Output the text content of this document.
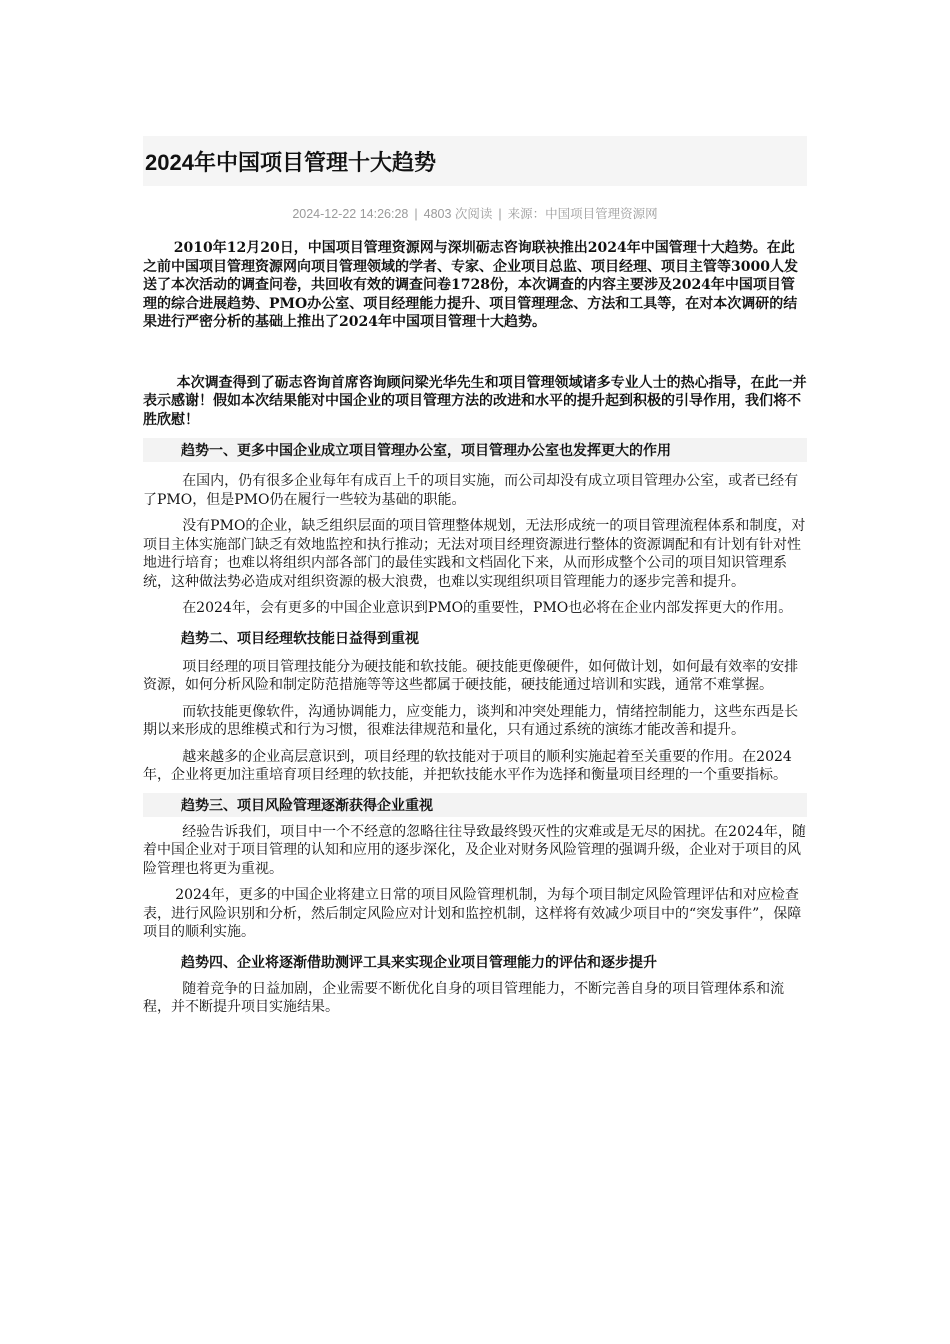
2024年中国项目管理十大趋势
2024-12-22 14:26:28 | 4803 次阅读 | 来源：中国项目管理资源网

2010年12月20日，中国项目管理资源网与深圳砺志咨询联袂推出2024年中国管理十大趋势。在此之前中国项目管理资源网向项目管理领域的学者、专家、企业项目总监、项目经理、项目主管等3000人发送了本次活动的调查问卷，共回收有效的调查问卷1728份，本次调查的内容主要涉及2024年中国项目管理的综合进展趋势、PMO办公室、项目经理能力提升、项目管理理念、方法和工具等，在对本次调研的结果进行严密分析的基础上推出了2024年中国项目管理十大趋势。

本次调查得到了砺志咨询首席咨询顾问梁光华先生和项目管理领域诸多专业人士的热心指导，在此一并表示感谢！假如本次结果能对中国企业的项目管理方法的改进和水平的提升起到积极的引导作用，我们将不胜欣慰！

趋势一、更多中国企业成立项目管理办公室，项目管理办公室也发挥更大的作用

在国内，仍有很多企业每年有成百上千的项目实施，而公司却没有成立项目管理办公室，或者已经有了PMO，但是PMO仍在履行一些较为基础的职能。

没有PMO的企业，缺乏组织层面的项目管理整体规划，无法形成统一的项目管理流程体系和制度，对项目主体实施部门缺乏有效地监控和执行推动；无法对项目经理资源进行整体的资源调配和有计划有针对性地进行培育；也难以将组织内部各部门的最佳实践和文档固化下来，从而形成整个公司的项目知识管理系统，这种做法势必造成对组织资源的极大浪费，也难以实现组织项目管理能力的逐步完善和提升。

在2024年，会有更多的中国企业意识到PMO的重要性，PMO也必将在企业内部发挥更大的作用。

趋势二、项目经理软技能日益得到重视

项目经理的项目管理技能分为硬技能和软技能。硬技能更像硬件，如何做计划，如何最有效率的安排资源，如何分析风险和制定防范措施等等这些都属于硬技能，硬技能通过培训和实践，通常不难掌握。

而软技能更像软件，沟通协调能力，应变能力，谈判和冲突处理能力，情绪控制能力，这些东西是长期以来形成的思维模式和行为习惯，很难法律规范和量化，只有通过系统的演练才能改善和提升。

越来越多的企业高层意识到，项目经理的软技能对于项目的顺利实施起着至关重要的作用。在2024年，企业将更加注重培育项目经理的软技能，并把软技能水平作为选择和衡量项目经理的一个重要指标。

趋势三、项目风险管理逐渐获得企业重视

经验告诉我们，项目中一个不经意的忽略往往导致最终毁灭性的灾难或是无尽的困扰。在2024年，随着中国企业对于项目管理的认知和应用的逐步深化，及企业对财务风险管理的强调升级，企业对于项目的风险管理也将更为重视。

2024年，更多的中国企业将建立日常的项目风险管理机制，为每个项目制定风险管理评估和对应检查表，进行风险识别和分析，然后制定风险应对计划和监控机制，这样将有效减少项目中的“突发事件”，保障项目的顺利实施。

趋势四、企业将逐渐借助测评工具来实现企业项目管理能力的评估和逐步提升

随着竞争的日益加剧，企业需要不断优化自身的项目管理能力，不断完善自身的项目管理体系和流程，并不断提升项目实施结果。
